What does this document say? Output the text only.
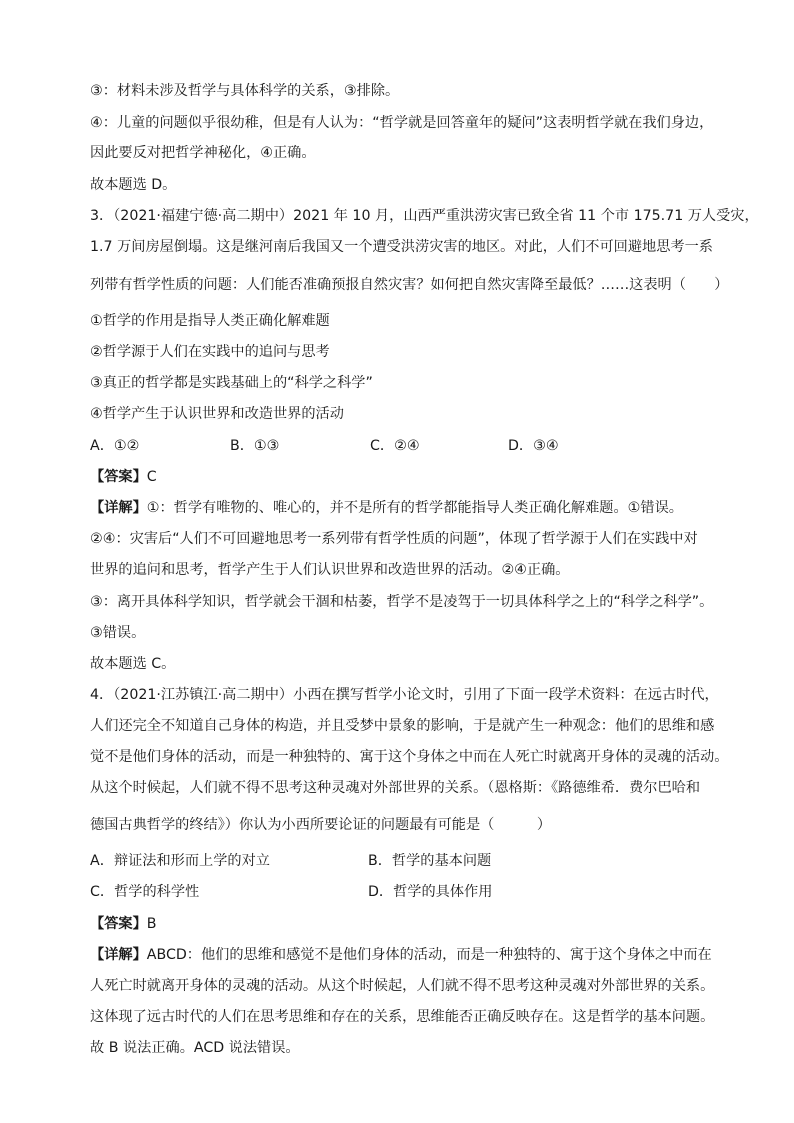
③：材料未涉及哲学与具体科学的关系，③排除。
④：儿童的问题似乎很幼稚，但是有人认为：“哲学就是回答童年的疑问”这表明哲学就在我们身边，
因此要反对把哲学神秘化，④正确。
故本题选 D。
3．（2021·福建宁德·高二期中）2021 年 10 月，山西严重洪涝灾害已致全省 11 个市 175.71 万人受灾，
1.7 万间房屋倒塌。这是继河南后我国又一个遭受洪涝灾害的地区。对此，人们不可回避地思考一系
列带有哲学性质的问题：人们能否准确预报自然灾害？如何把自然灾害降至最低？……这表明（　　）
①哲学的作用是指导人类正确化解难题
②哲学源于人们在实践中的追问与思考
③真正的哲学都是实践基础上的“科学之科学”
④哲学产生于认识世界和改造世界的活动
A．①②	B．①③	C．②④	D．③④
【答案】C
【详解】①：哲学有唯物的、唯心的，并不是所有的哲学都能指导人类正确化解难题。①错误。
②④：灾害后“人们不可回避地思考一系列带有哲学性质的问题”，体现了哲学源于人们在实践中对
世界的追问和思考，哲学产生于人们认识世界和改造世界的活动。②④正确。
③：离开具体科学知识，哲学就会干涸和枯萎，哲学不是凌驾于一切具体科学之上的“科学之科学”。
③错误。
故本题选 C。
4．（2021·江苏镇江·高二期中）小西在撰写哲学小论文时，引用了下面一段学术资料：在远古时代，
人们还完全不知道自己身体的构造，并且受梦中景象的影响，于是就产生一种观念：他们的思维和感
觉不是他们身体的活动，而是一种独特的、寓于这个身体之中而在人死亡时就离开身体的灵魂的活动。
从这个时候起，人们就不得不思考这种灵魂对外部世界的关系。（恩格斯：《路德维希．费尔巴哈和
德国古典哲学的终结》）你认为小西所要论证的问题最有可能是（　　　）
A．辩证法和形而上学的对立	B．哲学的基本问题
C．哲学的科学性	D．哲学的具体作用
【答案】B
【详解】ABCD：他们的思维和感觉不是他们身体的活动，而是一种独特的、寓于这个身体之中而在
人死亡时就离开身体的灵魂的活动。从这个时候起，人们就不得不思考这种灵魂对外部世界的关系。
这体现了远古时代的人们在思考思维和存在的关系，思维能否正确反映存在。这是哲学的基本问题。
故 B 说法正确。ACD 说法错误。
